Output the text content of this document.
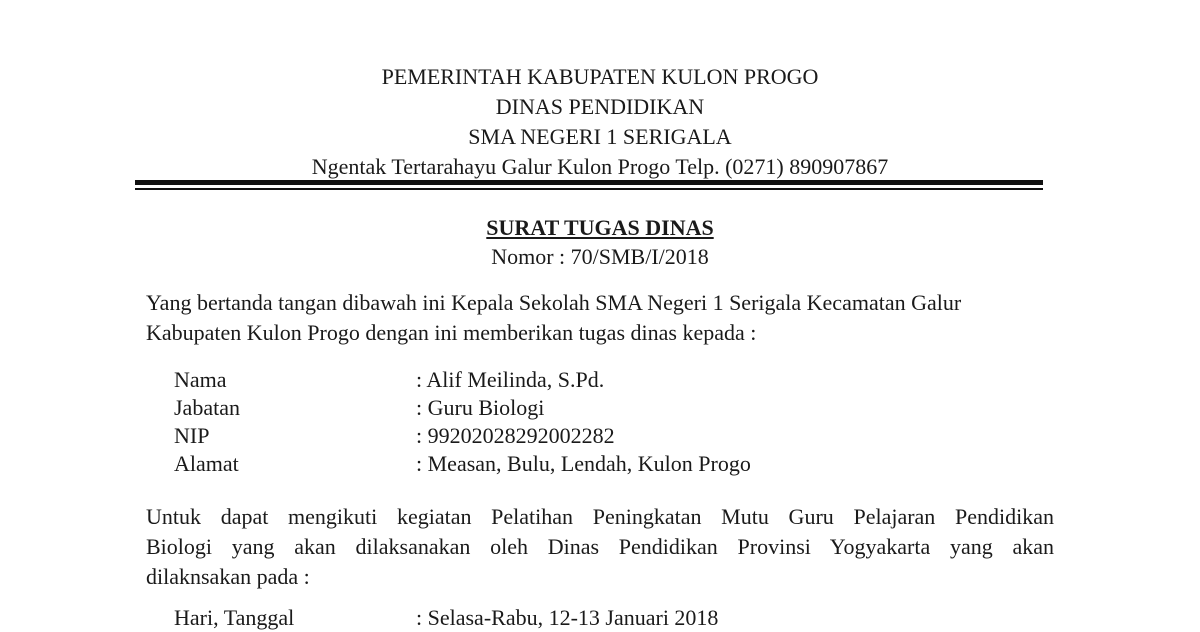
PEMERINTAH KABUPATEN KULON PROGO
DINAS PENDIDIKAN
SMA NEGERI 1 SERIGALA
Ngentak Tertarahayu Galur Kulon Progo Telp. (0271) 890907867
SURAT TUGAS DINAS
Nomor : 70/SMB/I/2018
Yang bertanda tangan dibawah ini Kepala Sekolah SMA Negeri 1 Serigala Kecamatan Galur
Kabupaten Kulon Progo dengan ini memberikan tugas dinas kepada :
Nama	: Alif Meilinda, S.Pd.
Jabatan	: Guru Biologi
NIP	: 99202028292002282
Alamat	: Measan, Bulu, Lendah, Kulon Progo
Untuk dapat mengikuti kegiatan Pelatihan Peningkatan Mutu Guru Pelajaran Pendidikan
Biologi yang akan dilaksanakan oleh Dinas Pendidikan Provinsi Yogyakarta yang akan
dilaknsakan pada :
Hari, Tanggal	: Selasa-Rabu, 12-13 Januari 2018
